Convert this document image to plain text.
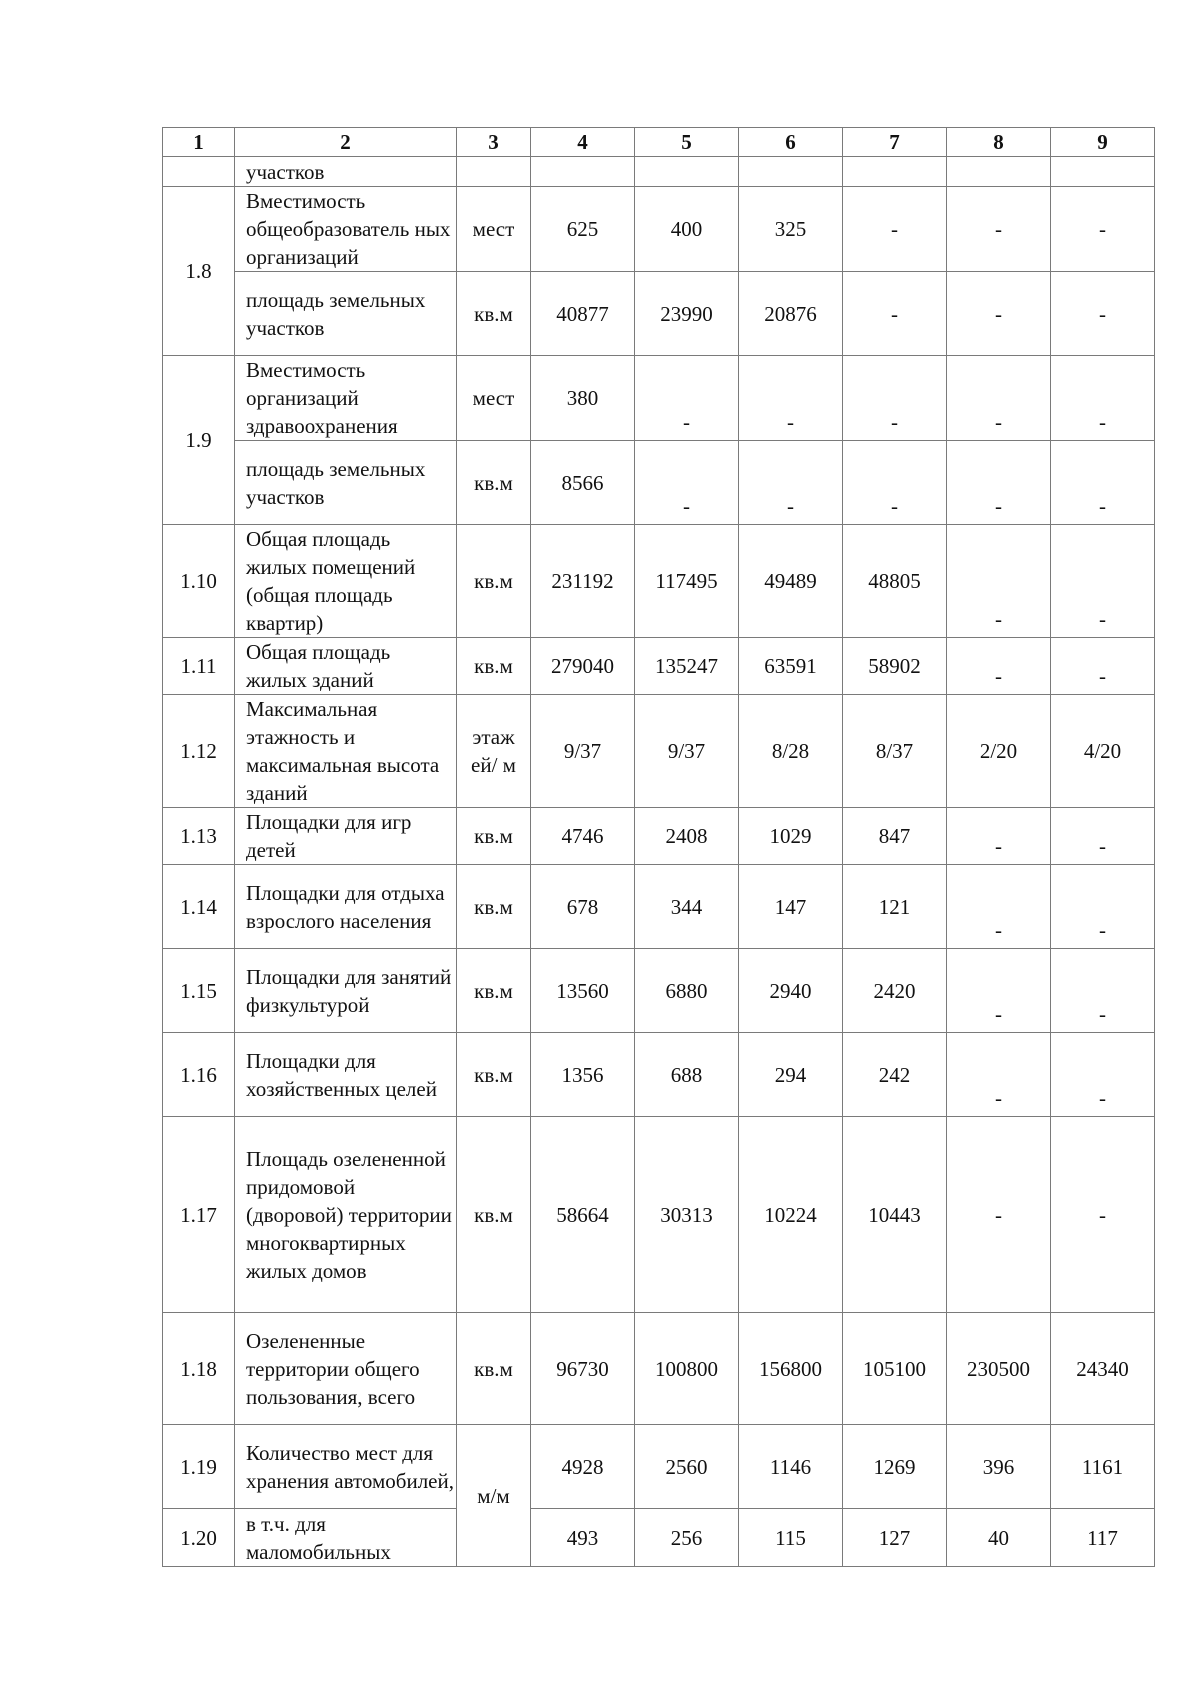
1	2	3	4	5	6	7	8	9
	участков							
1.8	Вместимость общеобразователь ных организаций	мест	625	400	325	-	-	-
	площадь земельных участков	кв.м	40877	23990	20876	-	-	-
1.9	Вместимость организаций здравоохранения	мест	380	-	-	-	-	-
	площадь земельных участков	кв.м	8566	-	-	-	-	-
1.10	Общая площадь жилых помещений (общая площадь квартир)	кв.м	231192	117495	49489	48805	-	-
1.11	Общая площадь жилых зданий	кв.м	279040	135247	63591	58902	-	-
1.12	Максимальная этажность и максимальная высота зданий	этаж ей/ м	9/37	9/37	8/28	8/37	2/20	4/20
1.13	Площадки для игр детей	кв.м	4746	2408	1029	847	-	-
1.14	Площадки для отдыха взрослого населения	кв.м	678	344	147	121	-	-
1.15	Площадки для занятий физкультурой	кв.м	13560	6880	2940	2420	-	-
1.16	Площадки для хозяйственных целей	кв.м	1356	688	294	242	-	-
1.17	Площадь озелененной придомовой (дворовой) территории многоквартирных жилых домов	кв.м	58664	30313	10224	10443	-	-
1.18	Озелененные территории общего пользования, всего	кв.м	96730	100800	156800	105100	230500	24340
1.19	Количество мест для хранения автомобилей,	м/м	4928	2560	1146	1269	396	1161
1.20	в т.ч. для маломобильных		493	256	115	127	40	117
